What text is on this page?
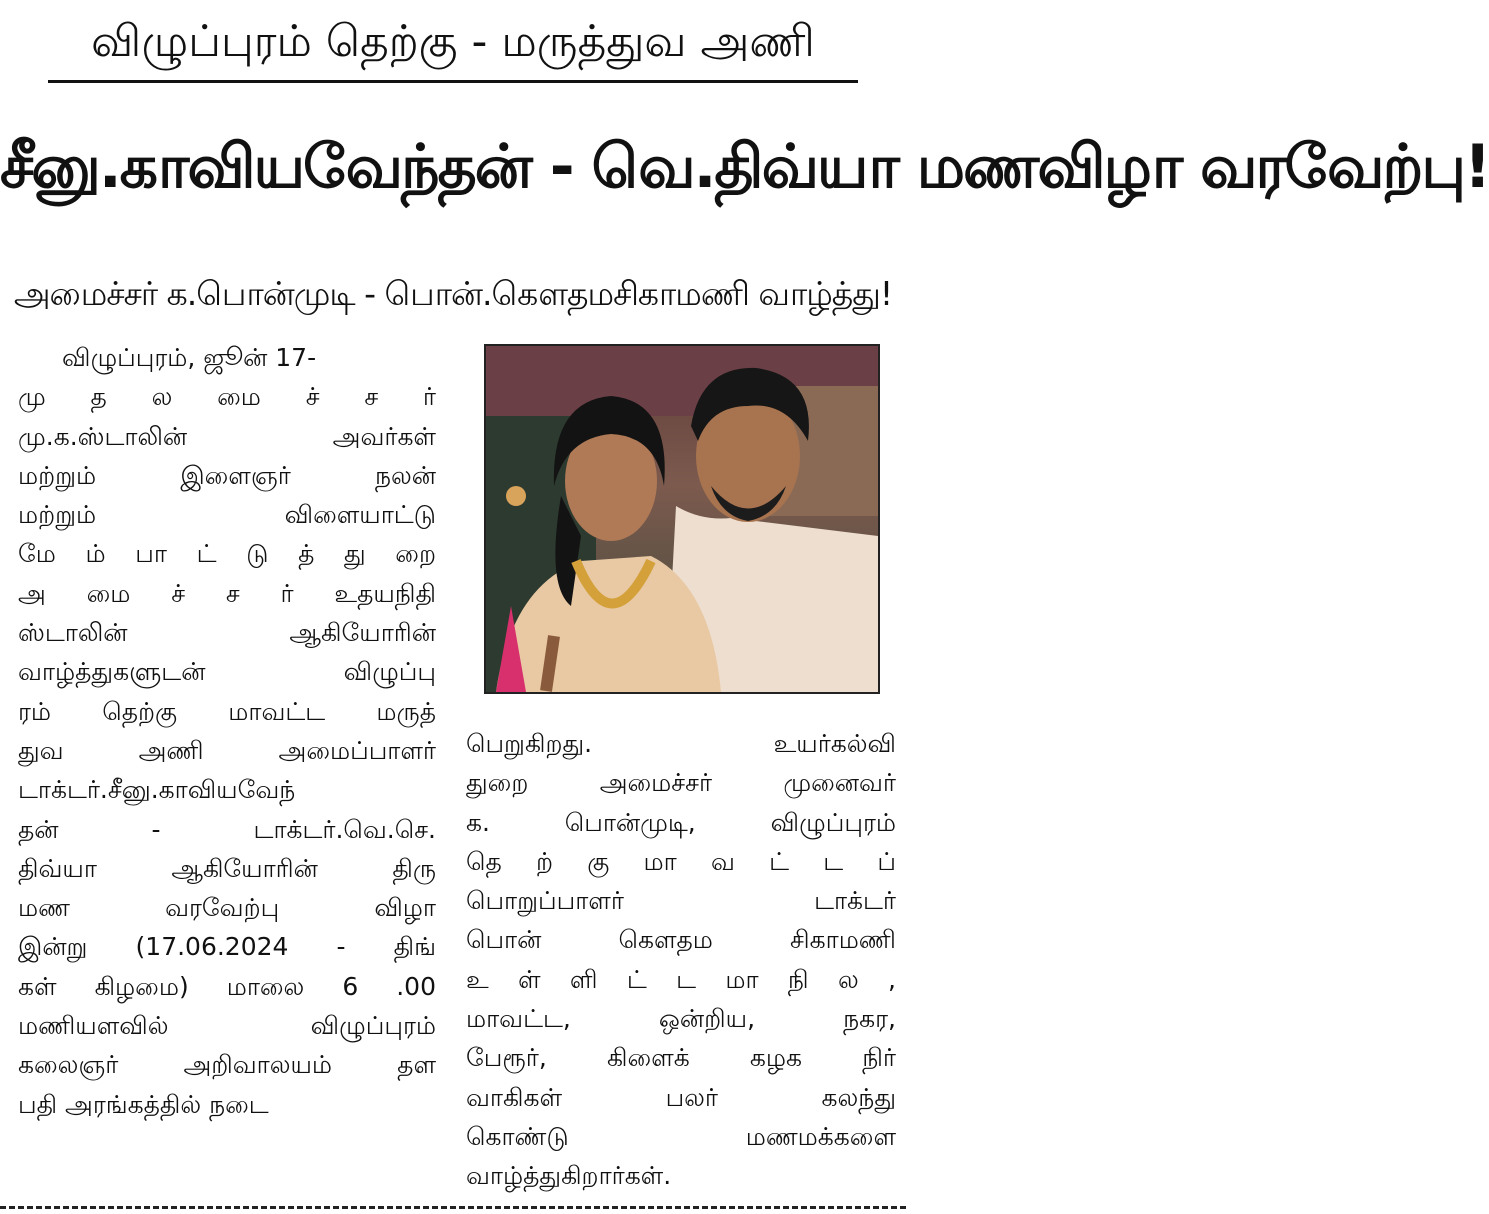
விழுப்புரம் தெற்கு - மருத்துவ அணி
சீனு.காவியவேந்தன் - வெ.திவ்யா மணவிழா வரவேற்பு!
அமைச்சர் க.பொன்முடி - பொன்.கௌதமசிகாமணி வாழ்த்து!
விழுப்புரம், ஜூன் 17-
மு த ல மை ச் ச ர்
மு.க.ஸ்டாலின் அவர்கள்
மற்றும் இளைஞர் நலன்
மற்றும் விளையாட்டு
மே ம் பா ட் டு த் து றை
அ மை ச் ச ர் உதயநிதி
ஸ்டாலின் ஆகியோரின்
வாழ்த்துகளுடன் விழுப்பு
ரம் தெற்கு மாவட்ட மருத்
துவ அணி அமைப்பாளர்
டாக்டர்.சீனு.காவியவேந்
தன் - டாக்டர்.வெ.செ.
திவ்யா ஆகியோரின் திரு
மண வரவேற்பு விழா
இன்று (17.06.2024 - திங்
கள் கிழமை) மாலை 6 .00
மணியளவில் விழுப்புரம்
கலைஞர் அறிவாலயம் தள
பதி அரங்கத்தில் நடை
பெறுகிறது. உயர்கல்வி
துறை அமைச்சர் முனைவர்
க. பொன்முடி, விழுப்புரம்
தெ ற் கு மா வ ட் ட ப்
பொறுப்பாளர் டாக்டர்
பொன் கௌதம சிகாமணி
உ ள் ளி ட் ட மா நி ல ,
மாவட்ட, ஒன்றிய, நகர,
பேரூர், கிளைக் கழக நிர்
வாகிகள் பலர் கலந்து
கொண்டு மணமக்களை
வாழ்த்துகிறார்கள்.
